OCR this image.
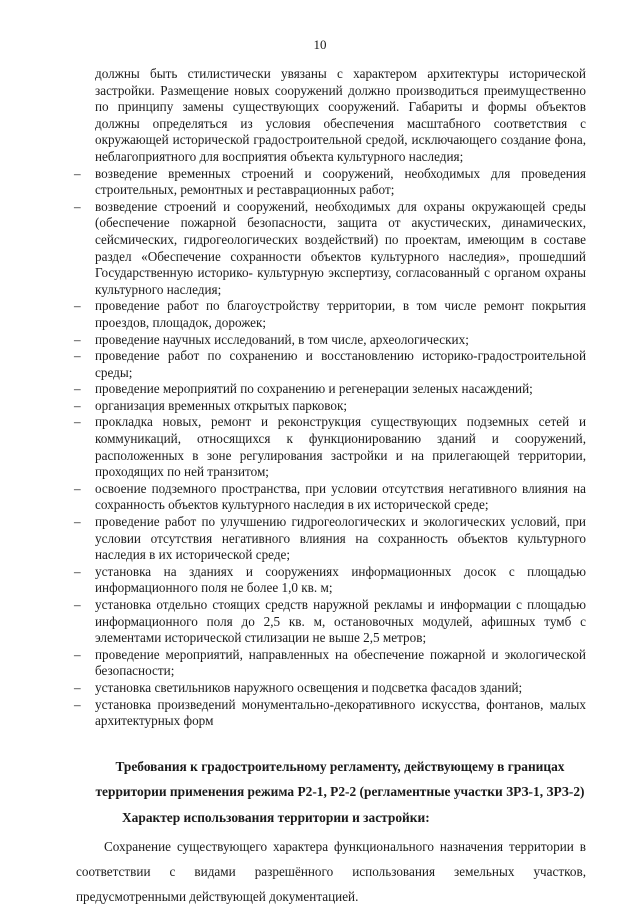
10

должны быть стилистически увязаны с характером архитектуры исторической застройки. Размещение новых сооружений должно производиться преимущественно по принципу замены существующих сооружений. Габариты и формы объектов должны определяться из условия обеспечения масштабного соответствия с окружающей исторической градостроительной средой, исключающего создание фона, неблагоприятного для восприятия объекта культурного наследия;

– возведение временных строений и сооружений, необходимых для проведения строительных, ремонтных и реставрационных работ;
– возведение строений и сооружений, необходимых для охраны окружающей среды (обеспечение пожарной безопасности, защита от акустических, динамических, сейсмических, гидрогеологических воздействий) по проектам, имеющим в составе раздел «Обеспечение сохранности объектов культурного наследия», прошедший Государственную историко- культурную экспертизу, согласованный с органом охраны культурного наследия;
– проведение работ по благоустройству территории, в том числе ремонт покрытия проездов, площадок, дорожек;
– проведение научных исследований, в том числе, археологических;
– проведение работ по сохранению и восстановлению историко-градостроительной среды;
– проведение мероприятий по сохранению и регенерации зеленых насаждений;
– организация временных открытых парковок;
– прокладка новых, ремонт и реконструкция существующих подземных сетей и коммуникаций, относящихся к функционированию зданий и сооружений, расположенных в зоне регулирования застройки и на прилегающей территории, проходящих по ней транзитом;
– освоение подземного пространства, при условии отсутствия негативного влияния на сохранность объектов культурного наследия в их исторической среде;
– проведение работ по улучшению гидрогеологических и экологических условий, при условии отсутствия негативного влияния на сохранность объектов культурного наследия в их исторической среде;
– установка на зданиях и сооружениях информационных досок с площадью информационного поля не более 1,0 кв. м;
– установка отдельно стоящих средств наружной рекламы и информации с площадью информационного поля до 2,5 кв. м, остановочных модулей, афишных тумб с элементами исторической стилизации не выше 2,5 метров;
– проведение мероприятий, направленных на обеспечение пожарной и экологической безопасности;
– установка светильников наружного освещения и подсветка фасадов зданий;
– установка произведений монументально-декоративного искусства, фонтанов, малых архитектурных форм
Требования к градостроительному регламенту, действующему в границах территории применения режима Р2-1, Р2-2 (регламентные участки ЗРЗ-1, ЗРЗ-2)
Характер использования территории и застройки:

Сохранение существующего характера функционального назначения территории в соответствии с видами разрешённого использования земельных участков, предусмотренными действующей документацией.
